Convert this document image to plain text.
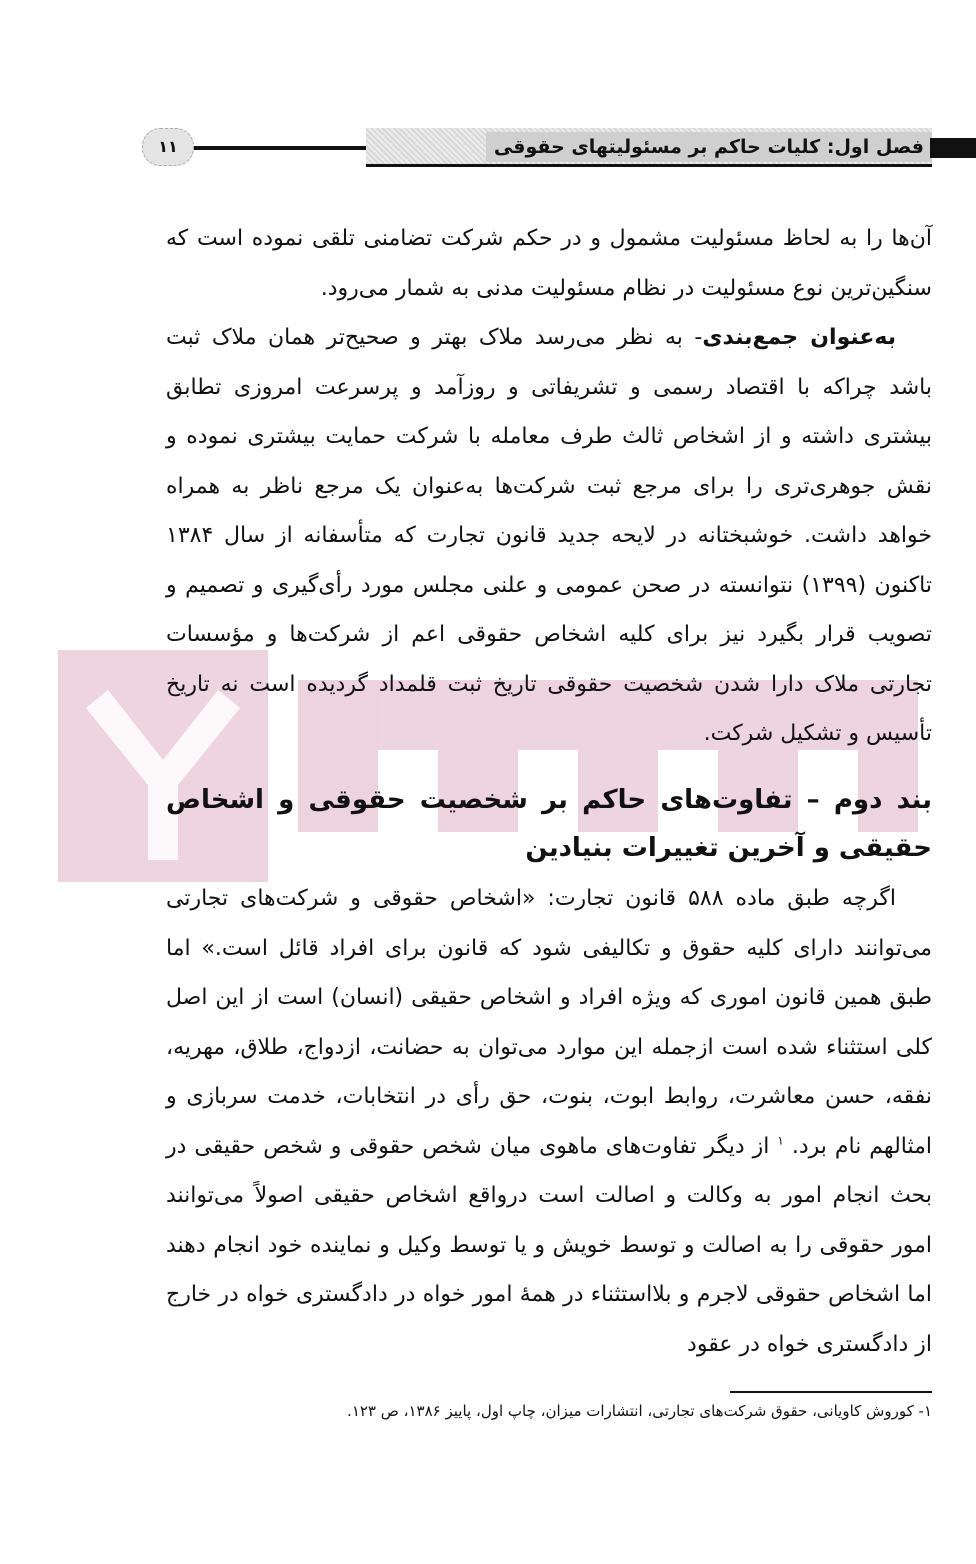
۱۱	فصل اول: کلیات حاکم بر مسئولیتهای حقوقی

آن‌ها را به لحاظ مسئولیت مشمول و در حکم شرکت تضامنی تلقی نموده است که سنگین‌ترین نوع مسئولیت در نظام مسئولیت مدنی به شمار می‌رود.

به‌عنوان جمع‌بندی- به نظر می‌رسد ملاک بهتر و صحیح‌تر همان ملاک ثبت باشد چراکه با اقتصاد رسمی و تشریفاتی و روزآمد و پرسرعت امروزی تطابق بیشتری داشته و از اشخاص ثالث طرف معامله با شرکت حمایت بیشتری نموده و نقش جوهری‌تری را برای مرجع ثبت شرکت‌ها به‌عنوان یک مرجع ناظر به همراه خواهد داشت. خوشبختانه در لایحه جدید قانون تجارت که متأسفانه از سال ۱۳۸۴ تاکنون (۱۳۹۹) نتوانسته در صحن عمومی و علنی مجلس مورد رأی‌گیری و تصمیم و تصویب قرار بگیرد نیز برای کلیه اشخاص حقوقی اعم از شرکت‌ها و مؤسسات تجارتی ملاک دارا شدن شخصیت حقوقی تاریخ ثبت قلمداد گردیده است نه تاریخ تأسیس و تشکیل شرکت.

بند دوم – تفاوت‌های حاکم بر شخصیت حقوقی و اشخاص حقیقی و آخرین تغییرات بنیادین

اگرچه طبق ماده ۵۸۸ قانون تجارت: «اشخاص حقوقی و شرکت‌های تجارتی می‌توانند دارای کلیه حقوق و تکالیفی شود که قانون برای افراد قائل است.» اما طبق همین قانون اموری که ویژه افراد و اشخاص حقیقی (انسان) است از این اصل کلی استثناء شده است ازجمله این موارد می‌توان به حضانت، ازدواج، طلاق، مهریه، نفقه، حسن معاشرت، روابط ابوت، بنوت، حق رأی در انتخابات، خدمت سربازی و امثالهم نام برد. $^۱$ از دیگر تفاوت‌های ماهوی میان شخص حقوقی و شخص حقیقی در بحث انجام امور به وکالت و اصالت است درواقع اشخاص حقیقی اصولاً می‌توانند امور حقوقی را به اصالت و توسط خویش و یا توسط وکیل و نماینده خود انجام دهند اما اشخاص حقوقی لاجرم و بلااستثناء در همهٔ امور خواه در دادگستری خواه در خارج از دادگستری خواه در عقود

۱- کوروش کاویانی، حقوق شرکت‌های تجارتی، انتشارات میزان، چاپ اول، پاییز ۱۳۸۶، ص ۱۲۳.
